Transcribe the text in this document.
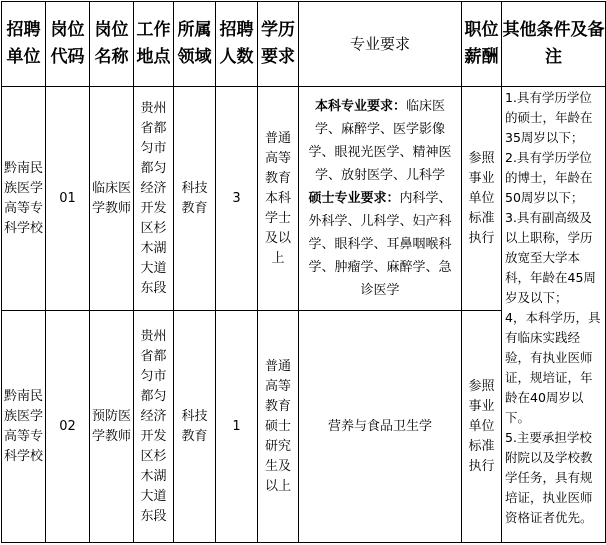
招聘单位	岗位代码	岗位名称	工作地点	所属领域	招聘人数	学历要求	专业要求	职位薪酬	其他条件及备注
黔南民族医学高等专科学校	01	临床医学教师	贵州省都匀市都匀经济开发区杉木湖大道东段	科技教育	3	普通高等教育本科学士及以上	本科专业要求：临床医学、麻醉学、医学影像学、眼视光医学、精神医学、放射医学、儿科学
硕士专业要求：内科学、外科学、儿科学、妇产科学、眼科学、耳鼻咽喉科学、肿瘤学、麻醉学、急诊医学	参照事业单位标准执行	1.具有学历学位的硕士，年龄在35周岁以下；
2.具有学历学位的博士，年龄在50周岁以下；
3.具有副高级及以上职称，学历放宽至大学本科，年龄在45周岁及以下；
4，本科学历，具有临床实践经验，有执业医师证，规培证，年龄在40周岁以下。
5.主要承担学校附院以及学校教学任务，具有规培证，执业医师资格证者优先。

黔南民族医学高等专科学校	02	预防医学教师	贵州省都匀市都匀经济开发区杉木湖大道东段	科技教育	1	普通高等教育硕士研究生及以上	营养与食品卫生学	参照事业单位标准执行	
